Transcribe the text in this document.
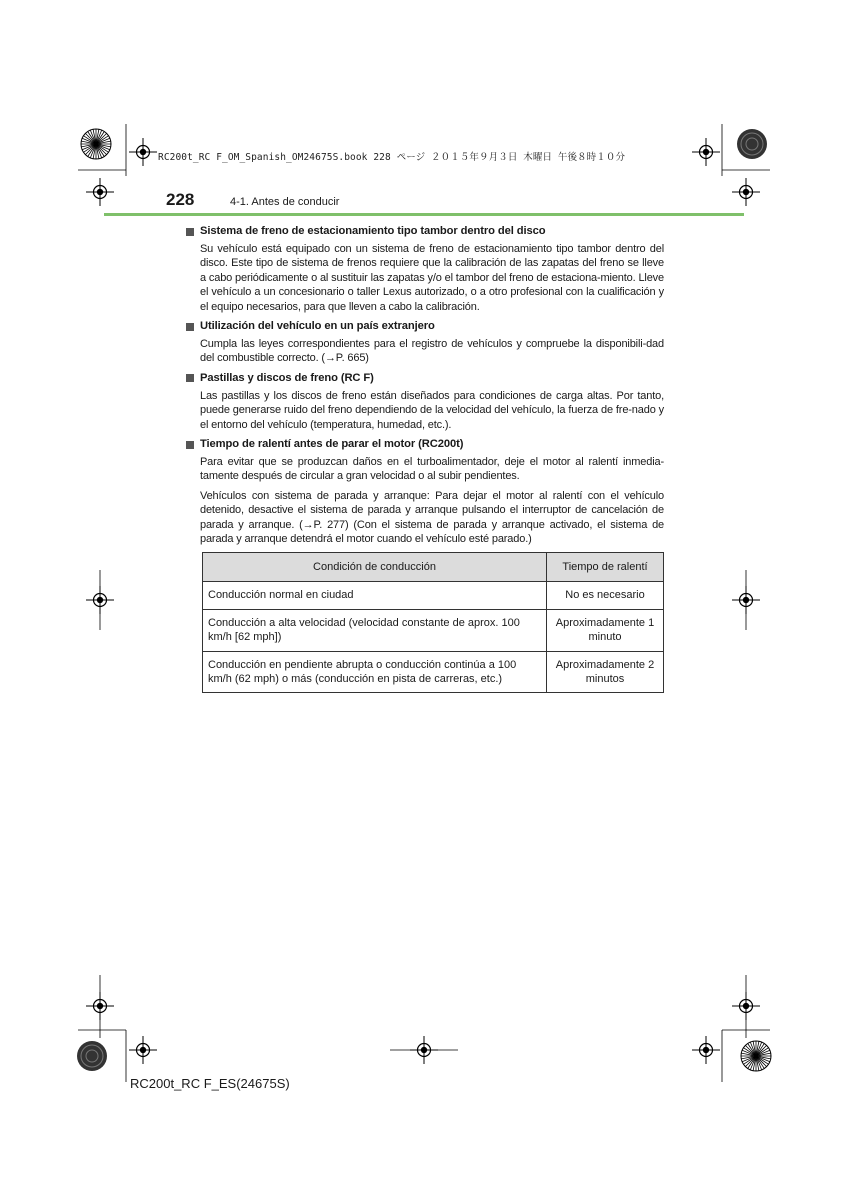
RC200t_RC F_OM_Spanish_OM24675S.book 228 ページ ２０１５年９月３日 木曜日 午後８時１０分
228	4-1. Antes de conducir
Sistema de freno de estacionamiento tipo tambor dentro del disco

Su vehículo está equipado con un sistema de freno de estacionamiento tipo tambor dentro del disco. Este tipo de sistema de frenos requiere que la calibración de las zapatas del freno se lleve a cabo periódicamente o al sustituir las zapatas y/o el tambor del freno de estaciona-miento. Lleve el vehículo a un concesionario o taller Lexus autorizado, o a otro profesional con la cualificación y el equipo necesarios, para que lleven a cabo la calibración.

Utilización del vehículo en un país extranjero

Cumpla las leyes correspondientes para el registro de vehículos y compruebe la disponibili-dad del combustible correcto. (→P. 665)

Pastillas y discos de freno (RC F)

Las pastillas y los discos de freno están diseñados para condiciones de carga altas. Por tanto, puede generarse ruido del freno dependiendo de la velocidad del vehículo, la fuerza de fre-nado y el entorno del vehículo (temperatura, humedad, etc.).

Tiempo de ralentí antes de parar el motor (RC200t)

Para evitar que se produzcan daños en el turboalimentador, deje el motor al ralentí inmedia-tamente después de circular a gran velocidad o al subir pendientes.

Vehículos con sistema de parada y arranque: Para dejar el motor al ralentí con el vehículo detenido, desactive el sistema de parada y arranque pulsando el interruptor de cancelación de parada y arranque. (→P. 277) (Con el sistema de parada y arranque activado, el sistema de parada y arranque detendrá el motor cuando el vehículo esté parado.)

Condición de conducción	Tiempo de ralentí
Conducción normal en ciudad	No es necesario
Conducción a alta velocidad (velocidad constante de aprox. 100 km/h [62 mph])	Aproximadamente 1 minuto
Conducción en pendiente abrupta o conducción continúa a 100 km/h (62 mph) o más (conducción en pista de carreras, etc.)	Aproximadamente 2 minutos
RC200t_RC F_ES(24675S)
